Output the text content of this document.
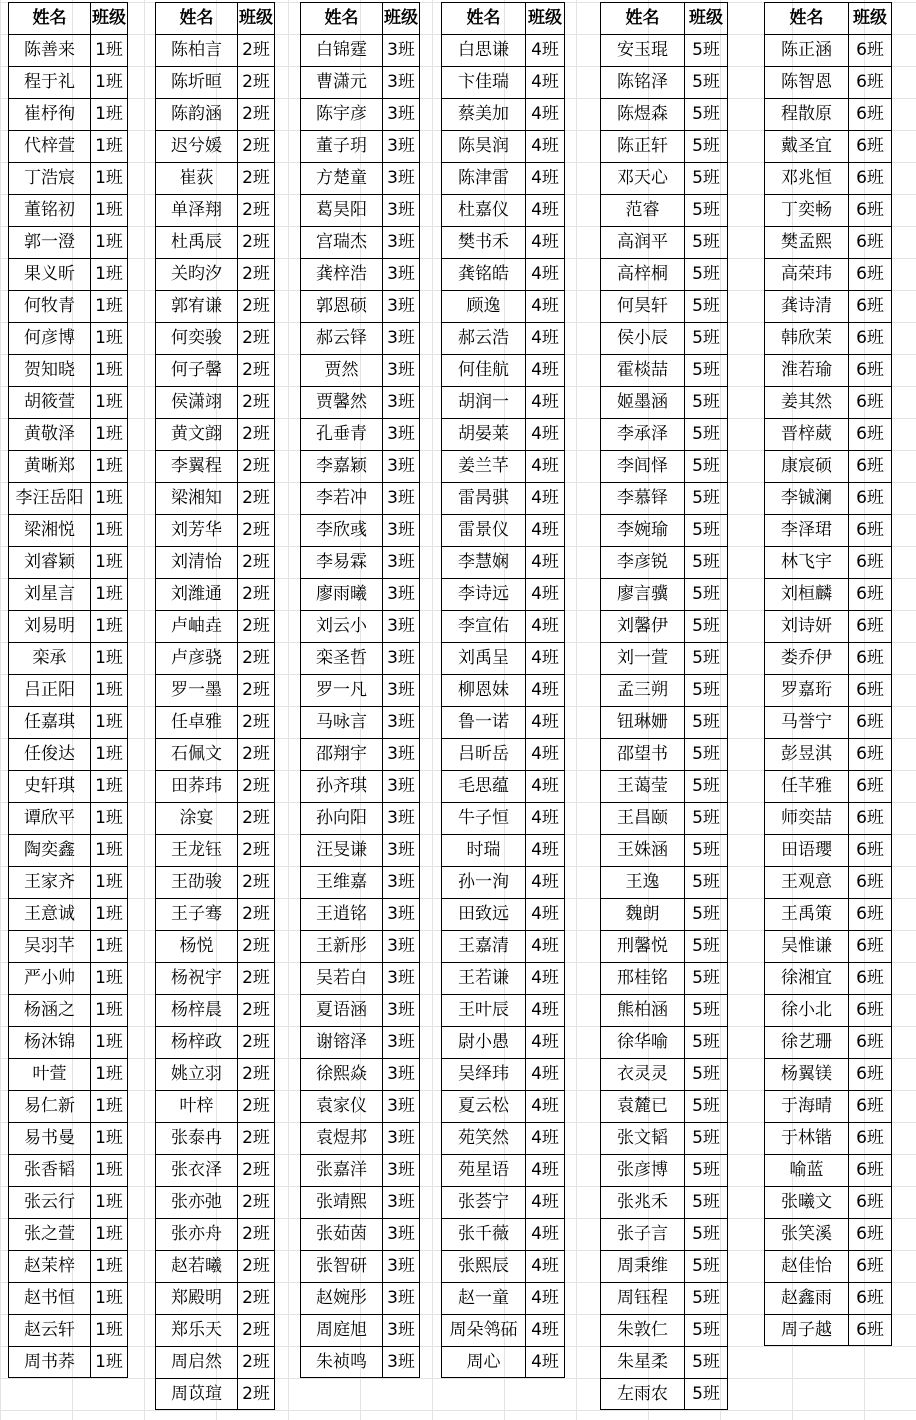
姓名	班级
陈善来	1班
程于礼	1班
崔杼徇	1班
代梓萱	1班
丁浩宸	1班
董铭初	1班
郭一澄	1班
果义昕	1班
何牧青	1班
何彦博	1班
贺知晓	1班
胡筱萱	1班
黄敬泽	1班
黄晰郑	1班
李汪岳阳 1班
梁湘悦	1班
刘睿颖	1班
刘星言	1班
刘易明	1班
栾承	1班
吕正阳	1班
任嘉琪	1班
任俊达	1班
史轩琪	1班
谭欣平	1班
陶奕鑫	1班
王家齐	1班
王意诚	1班
吴羽芊	1班
严小帅	1班
杨涵之	1班
杨沐锦	1班
叶萱	1班
易仁新	1班
易书曼	1班
张香韬	1班
张云行	1班
张之萱	1班
赵茉梓	1班
赵书恒	1班
赵云轩	1班
周书荞	1班
姓名	班级
陈柏言	2班
陈圻晅	2班
陈韵涵	2班
迟兮媛	2班
崔荻	2班
单泽翔	2班
杜禹辰	2班
关昀汐	2班
郭宥谦	2班
何奕骏	2班
何子馨	2班
侯潇翊	2班
黄文翧	2班
李翼程	2班
梁湘知	2班
刘芳华	2班
刘清怡	2班
刘潍通	2班
卢岫垚	2班
卢彦骁	2班
罗一墨	2班
任卓雅	2班
石佩文	2班
田荞玮	2班
涂宴	2班
王龙钰	2班
王劭骏	2班
王子骞	2班
杨悦	2班
杨祝宇	2班
杨梓晨	2班
杨梓政	2班
姚立羽	2班
叶梓	2班
张泰冉	2班
张衣泽	2班
张亦弛	2班
张亦舟	2班
赵若曦	2班
郑殿明	2班
郑乐天	2班
周启然	2班
周苡瑄	2班
姓名	班级
白锦霆	3班
曹潇元	3班
陈宇彦	3班
董子玥	3班
方楚童	3班
葛昊阳	3班
宫瑞杰	3班
龚梓浩	3班
郭恩硕	3班
郝云铎	3班
贾然	3班
贾馨然	3班
孔垂青	3班
李嘉颖	3班
李若冲	3班
李欣彧	3班
李易霖	3班
廖雨曦	3班
刘云小	3班
栾圣哲	3班
罗一凡	3班
马咏言	3班
邵翔宇	3班
孙齐琪	3班
孙向阳	3班
汪旻谦	3班
王维嘉	3班
王逍铭	3班
王新彤	3班
吴若白	3班
夏语涵	3班
谢镕泽	3班
徐熙焱	3班
袁家仪	3班
袁煜邦	3班
张嘉洋	3班
张靖熙	3班
张茹茵	3班
张智研	3班
赵婉彤	3班
周庭旭	3班
朱祯鸣	3班
姓名	班级
白思谦	4班
卞佳瑞	4班
蔡美加	4班
陈昊润	4班
陈津雷	4班
杜嘉仪	4班
樊书禾	4班
龚铭皓	4班
顾逸	4班
郝云浩	4班
何佳航	4班
胡润一	4班
胡晏莱	4班
姜兰芊	4班
雷昺骐	4班
雷景仪	4班
李慧娴	4班
李诗远	4班
李宣佑	4班
刘禹呈	4班
柳恩妹	4班
鲁一诺	4班
吕昕岳	4班
毛思蕴	4班
牛子恒	4班
时瑞	4班
孙一洵	4班
田致远	4班
王嘉清	4班
王若谦	4班
王叶辰	4班
尉小愚	4班
吴绎玮	4班
夏云松	4班
苑笑然	4班
苑星语	4班
张荟宁	4班
张千薇	4班
张熙辰	4班
赵一童	4班
周朵鸰砳 4班
周心	4班
姓名	班级
安玉琨	5班
陈铭泽	5班
陈煜森	5班
陈正轩	5班
邓天心	5班
范睿	5班
高润平	5班
高梓桐	5班
何昊轩	5班
侯小辰	5班
霍棪喆	5班
姬墨涵	5班
李承泽	5班
李闾怿	5班
李慕铎	5班
李婉瑜	5班
李彦锐	5班
廖言骥	5班
刘馨伊	5班
刘一萱	5班
孟三朔	5班
钮琳姗	5班
邵望书	5班
王蔼莹	5班
王昌颐	5班
王姝涵	5班
王逸	5班
魏朗	5班
刑馨悦	5班
邢桂铭	5班
熊柏涵	5班
徐华喻	5班
衣灵灵	5班
袁麓已	5班
张文韬	5班
张彦博	5班
张兆禾	5班
张子言	5班
周秉维	5班
周钰程	5班
朱敦仁	5班
朱星柔	5班
左雨农	5班
姓名	班级
陈正涵	6班
陈智恩	6班
程散原	6班
戴圣宜	6班
邓兆恒	6班
丁奕畅	6班
樊孟熙	6班
高荣玮	6班
龚诗清	6班
韩欣茉	6班
淮若瑜	6班
姜其然	6班
晋梓葳	6班
康宸硕	6班
李铖澜	6班
李泽珺	6班
林飞宇	6班
刘桓麟	6班
刘诗妍	6班
娄乔伊	6班
罗嘉珩	6班
马誉宁	6班
彭昱淇	6班
任芊雅	6班
师奕喆	6班
田语瓔	6班
王观意	6班
王禹策	6班
吴惟谦	6班
徐湘宜	6班
徐小北	6班
徐艺珊	6班
杨翼镁	6班
于海晴	6班
于林锴	6班
喻蓝	6班
张曦文	6班
张笑溪	6班
赵佳怡	6班
赵鑫雨	6班
周子越	6班
